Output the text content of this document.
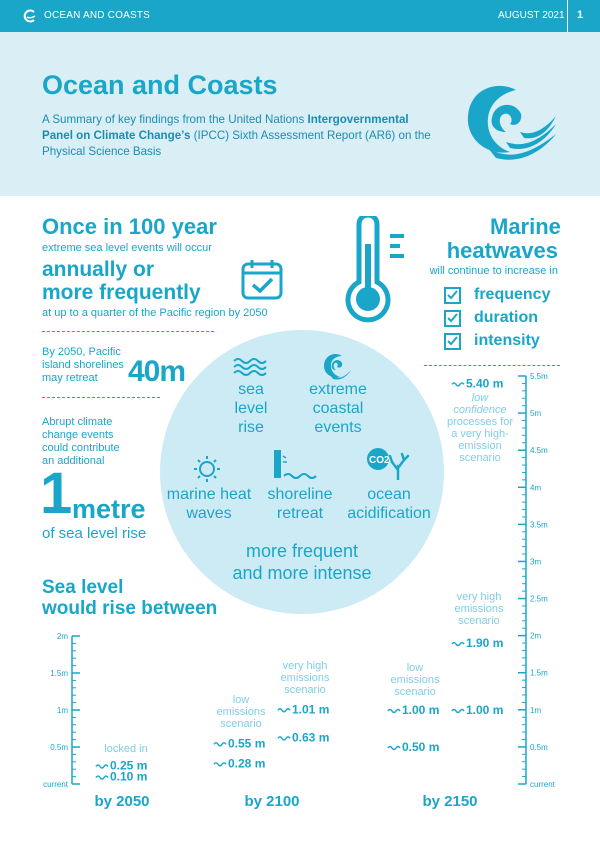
OCEAN AND COASTS	AUGUST 2021 1
Ocean and Coasts
A Summary of key findings from the United Nations Intergovernmental Panel on Climate Change’s (IPCC) Sixth Assessment Report (AR6) on the Physical Science Basis
Once in 100 year
extreme sea level events will occur
annually or
more frequently
at up to a quarter of the Pacific region by 2050
By 2050, Pacific
island shorelines
may retreat 40m
Abrupt climate
change events
could contribute
an additional
1 metre
of sea level rise
sea
level
rise
extreme
coastal
events
marine heat
waves
shoreline
retreat
CO2
ocean
acidification
more frequent
and more intense
Marine
heatwaves
will continue to increase in
frequency
duration
intensity
Sea level
would rise between
2m
1.5m
1m
0.5m
current
5.5m
5m
4.5m
4m
3.5m
3m
2.5m
2m
1.5m
1m
0.5m
current
0.25 m
0.10 m
0.55 m
0.28 m
1.01 m
0.63 m
1.00 m
0.50 m
1.00 m
1.90 m
5.40 m
by 2050	by 2100	by 2150
locked in
low
emissions
scenario
very high
emissions
scenario
low
emissions
scenario
very high
emissions
scenario
low
confidence
processes for
a very high-
emission
scenario
